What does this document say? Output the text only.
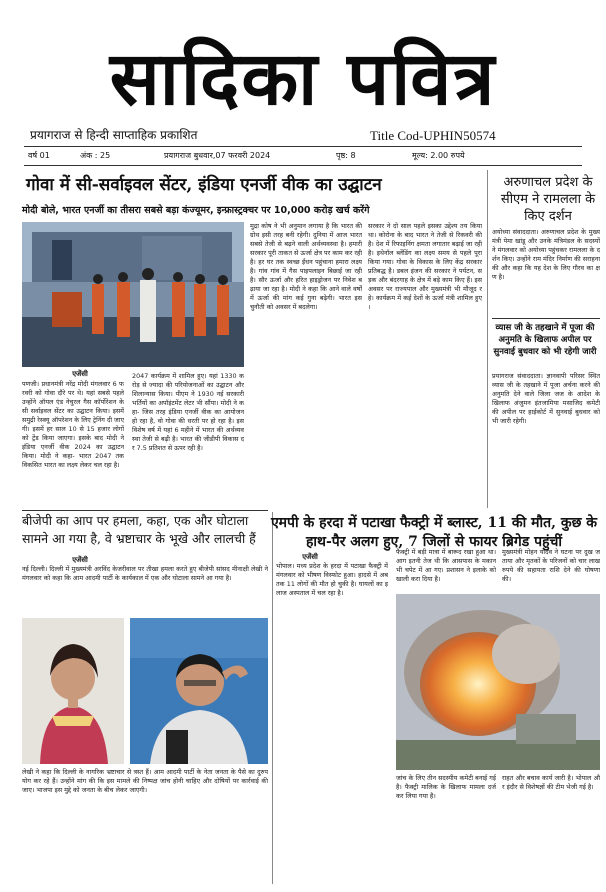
सादिका पवित्र
प्रयागराज से हिन्दी साप्ताहिक प्रकाशित	Title Cod-UPHIN50574
वर्ष 01	अंक : 25	प्रयागराज बुधवार,07 फरवरी 2024	पृष्ठ: 8	मूल्य: 2.00 रुपये
गोवा में सी-सर्वाइवल सेंटर, इंडिया एनर्जी वीक का उद्घाटन
मोदी बोले, भारत एनर्जी का तीसरा सबसे बड़ा कंज्यूमर, इन्फ्रास्ट्रक्चर पर 10,000 करोड़ खर्च करेंगे
एजेंसी
पणजी। प्रधानमंत्री नरेंद्र मोदी मंगलवार 6 फरवरी को गोवा दौरे पर थे। यहां सबसे पहले उन्होंने ऑयल एंड नेचुरल गैस कॉर्पोरेशन के सी सर्वाइवल सेंटर का उद्घाटन किया। इसमें समुद्री रेस्क्यू ऑपरेशन के लिए ट्रेनिंग दी जाएगी। इसमें हर साल 10 से 15 हजार लोगों को ट्रेंड किया जाएगा। इसके बाद मोदी ने इंडिया एनर्जी वीक 2024 का उद्घाटन किया। मोदी ने कहा- भारत 2047 तक विकसित भारत का लक्ष्य लेकर चल रहा है।
2047 कार्यक्रम में शामिल हुए। यहां 1330 करोड़ से ज्यादा की परियोजनाओं का उद्घाटन और शिलान्यास किया। पीएम ने 1930 नई सरकारी भर्तियों का अपॉइंटमेंट लेटर भी सौंपा। मोदी ने कहा- जिस तरह इंडिया एनर्जी वीक का आयोजन हो रहा है, वो गोवा की धरती पर हो रहा है। इस विशेष वर्ष में यहां 6 महीने में भारत की अर्थव्यवस्था तेजी से बढ़ी है। भारत की जीडीपी विकास दर 7.5 प्रतिशत से ऊपर रही है।
मुद्रा कोष ने भी अनुमान लगाया है कि भारत की ग्रोथ इसी तरह बनी रहेगी। दुनिया में आज भारत सबसे तेजी से बढ़ने वाली अर्थव्यवस्था है। हमारी सरकार पूरी ताकत से ऊर्जा क्षेत्र पर काम कर रही है। हर घर तक स्वच्छ ईंधन पहुंचाना हमारा लक्ष्य है। गांव गांव में गैस पाइपलाइन बिछाई जा रही है। सौर ऊर्जा और हरित हाइड्रोजन पर निवेश बढ़ाया जा रहा है। मोदी ने कहा कि आने वाले वर्षों में ऊर्जा की मांग कई गुना बढ़ेगी। भारत इस चुनौती को अवसर में बदलेगा।
सरकार ने दो साल पहले इसका उद्देश्य तय किया था। कोरोना के बाद भारत ने तेजी से रिकवरी की है। देश में रिफाइनिंग क्षमता लगातार बढ़ाई जा रही है। इथेनॉल ब्लेंडिंग का लक्ष्य समय से पहले पूरा किया गया। गोवा के विकास के लिए केंद्र सरकार प्रतिबद्ध है। डबल इंजन की सरकार ने पर्यटन, सड़क और बंदरगाह के क्षेत्र में बड़े काम किए हैं। इस अवसर पर राज्यपाल और मुख्यमंत्री भी मौजूद रहे। कार्यक्रम में कई देशों के ऊर्जा मंत्री शामिल हुए।
अरुणाचल प्रदेश के सीएम ने रामलला के किए दर्शन
अयोध्या संवाददाता। अरुणाचल प्रदेश के मुख्यमंत्री पेमा खांडू और उनके मंत्रिमंडल के सदस्यों ने मंगलवार को अयोध्या पहुंचकर रामलला के दर्शन किए। उन्होंने राम मंदिर निर्माण की सराहना की और कहा कि यह देश के लिए गौरव का क्षण है।
व्यास जी के तहखाने में पूजा की अनुमति के खिलाफ अपील पर सुनवाई बुधवार को भी रहेगी जारी
प्रयागराज संवाददाता। ज्ञानवापी परिसर स्थित व्यास जी के तहखाने में पूजा अर्चना करने की अनुमति देने वाले जिला जज के आदेश के खिलाफ अंजुमन इंतजामिया मसाजिद कमेटी की अपील पर हाईकोर्ट में सुनवाई बुधवार को भी जारी रहेगी।
बीजेपी का आप पर हमला, कहा, एक और घोटाला सामने आ गया है, वे भ्रष्टाचार के भूखे और लालची हैं
एजेंसी
नई दिल्ली। दिल्ली में मुख्यमंत्री अरविंद केजरीवाल पर तीखा हमला करते हुए बीजेपी सांसद मीनाक्षी लेखी ने मंगलवार को कहा कि आम आदमी पार्टी के कार्यकाल में एक और घोटाला सामने आ गया है।
लेखी ने कहा कि दिल्ली के नागरिक भ्रष्टाचार से त्रस्त हैं। आम आदमी पार्टी के नेता जनता के पैसे का दुरुपयोग कर रहे हैं। उन्होंने मांग की कि इस मामले की निष्पक्ष जांच होनी चाहिए और दोषियों पर कार्रवाई की जाए। भाजपा इस मुद्दे को जनता के बीच लेकर जाएगी।
एमपी के हरदा में पटाखा फैक्ट्री में ब्लास्ट, 11 की मौत, कुछ के हाथ-पैर अलग हुए, 7 जिलों से फायर ब्रिगेड पहुंचीं
एजेंसी
भोपाल। मध्य प्रदेश के हरदा में पटाखा फैक्ट्री में मंगलवार को भीषण विस्फोट हुआ। हादसे में अब तक 11 लोगों की मौत हो चुकी है। घायलों का इलाज अस्पताल में चल रहा है।
फैक्ट्री में बड़ी मात्रा में बारूद रखा हुआ था। आग इतनी तेज थी कि आसपास के मकान भी चपेट में आ गए। प्रशासन ने इलाके को खाली करा दिया है।
मुख्यमंत्री मोहन यादव ने घटना पर दुख जताया और मृतकों के परिजनों को चार लाख रुपये की सहायता राशि देने की घोषणा की।
जांच के लिए तीन सदस्यीय कमेटी बनाई गई है। फैक्ट्री मालिक के खिलाफ मामला दर्ज कर लिया गया है।
राहत और बचाव कार्य जारी है। भोपाल और इंदौर से विशेषज्ञों की टीम भेजी गई है।
